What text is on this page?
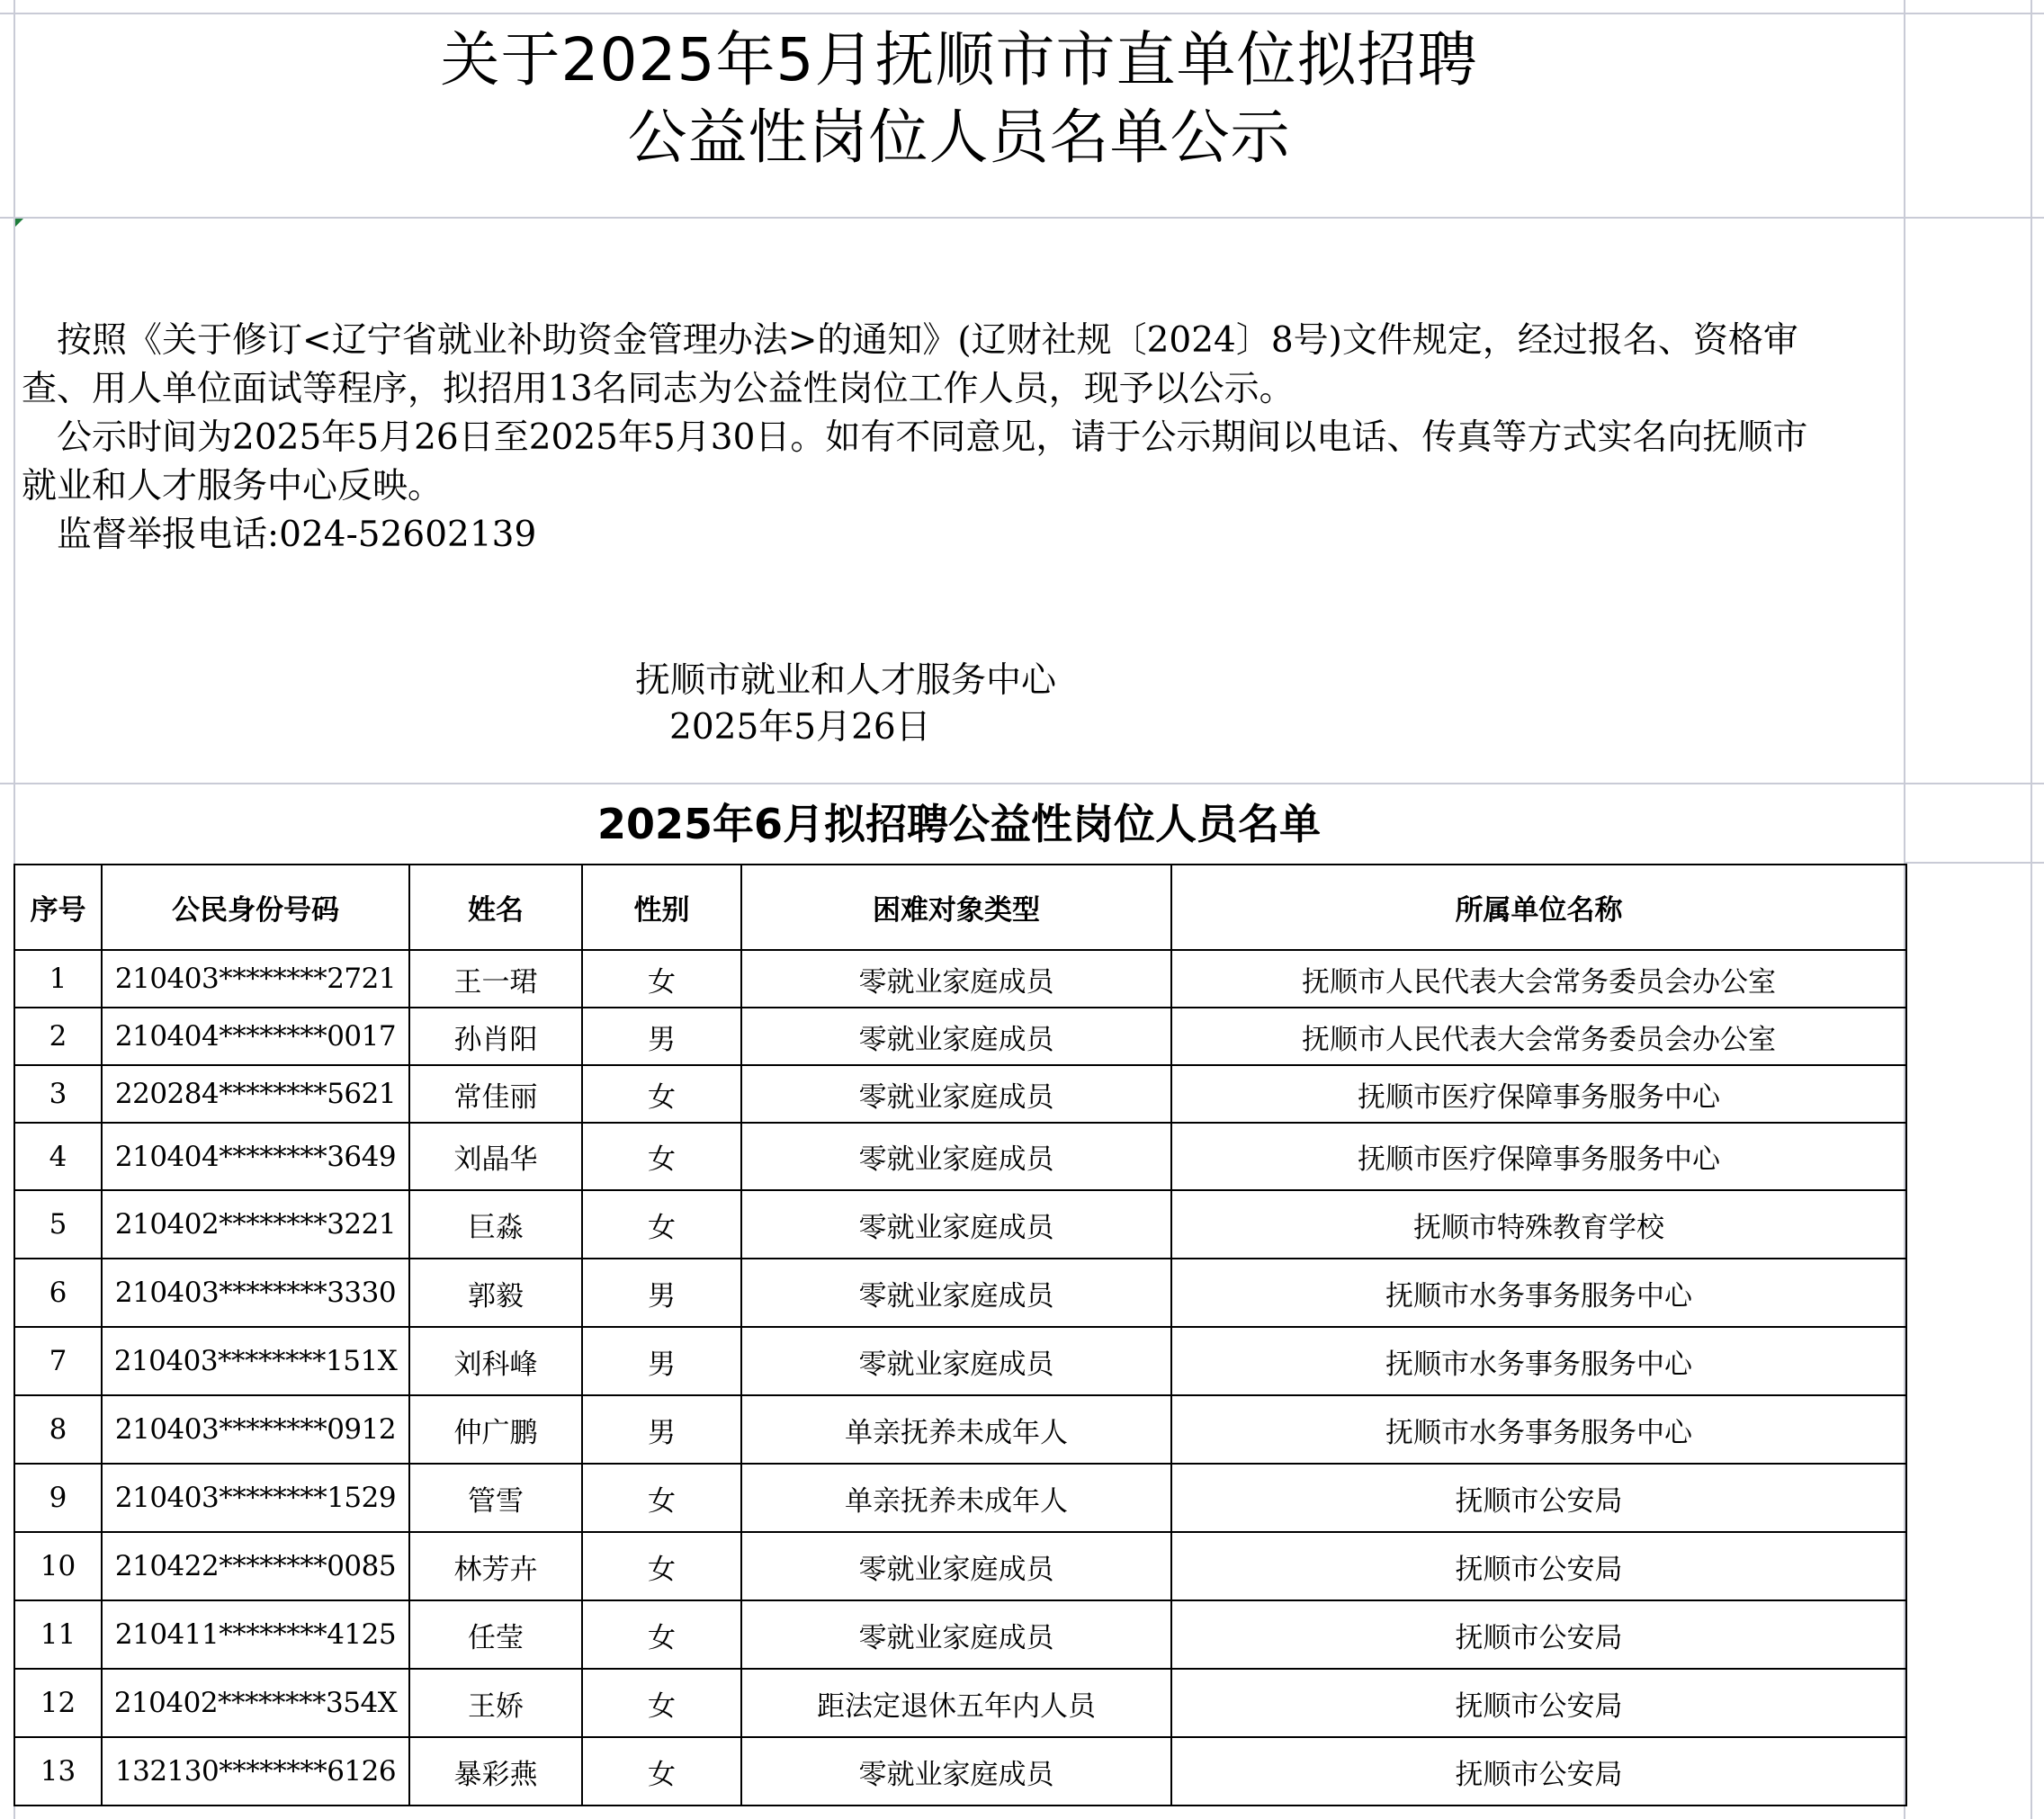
关于2025年5月抚顺市市直单位拟招聘
公益性岗位人员名单公示
　按照《关于修订<辽宁省就业补助资金管理办法>的通知》(辽财社规〔2024〕8号)文件规定，经过报名、资格审
查、用人单位面试等程序，拟招用13名同志为公益性岗位工作人员，现予以公示。
　公示时间为2025年5月26日至2025年5月30日。如有不同意见，请于公示期间以电话、传真等方式实名向抚顺市
就业和人才服务中心反映。
　监督举报电话:024-52602139
抚顺市就业和人才服务中心
2025年5月26日
2025年6月拟招聘公益性岗位人员名单
序号	公民身份号码	姓名	性别	困难对象类型	所属单位名称
1	210403********2721	王一珺	女	零就业家庭成员	抚顺市人民代表大会常务委员会办公室
2	210404********0017	孙肖阳	男	零就业家庭成员	抚顺市人民代表大会常务委员会办公室
3	220284********5621	常佳丽	女	零就业家庭成员	抚顺市医疗保障事务服务中心
4	210404********3649	刘晶华	女	零就业家庭成员	抚顺市医疗保障事务服务中心
5	210402********3221	巨淼	女	零就业家庭成员	抚顺市特殊教育学校
6	210403********3330	郭毅	男	零就业家庭成员	抚顺市水务事务服务中心
7	210403********151X	刘科峰	男	零就业家庭成员	抚顺市水务事务服务中心
8	210403********0912	仲广鹏	男	单亲抚养未成年人	抚顺市水务事务服务中心
9	210403********1529	管雪	女	单亲抚养未成年人	抚顺市公安局
10	210422********0085	林芳卉	女	零就业家庭成员	抚顺市公安局
11	210411********4125	任莹	女	零就业家庭成员	抚顺市公安局
12	210402********354X	王娇	女	距法定退休五年内人员	抚顺市公安局
13	132130********6126	暴彩燕	女	零就业家庭成员	抚顺市公安局
